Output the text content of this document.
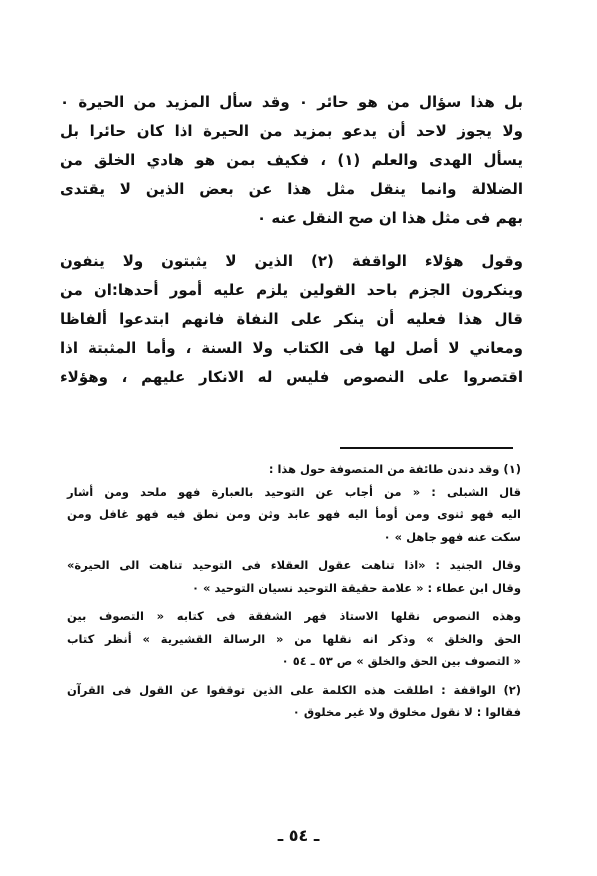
بل هذا سؤال من هو حائر ٠ وقد سأل المزيد من الحيرة ٠
ولا يجوز لاحد أن يدعو بمزيد من الحيرة اذا كان حائرا بل
يسأل الهدى والعلم (١) ، فكيف بمن هو هادي الخلق من
الضلالة وانما ينقل مثل هذا عن بعض الذين لا يقتدى
بهم فى مثل هذا ان صح النقل عنه ٠

وقول هؤلاء الواقفة (٢) الذين لا يثبتون ولا ينفون
وينكرون الجزم باحد القولين يلزم عليه أمور أحدها:ان من
قال هذا فعليه أن ينكر على النفاة فانهم ابتدعوا ألفاظا
ومعاني لا أصل لها فى الكتاب ولا السنة ، وأما المثبتة اذا
اقتصروا على النصوص فليس له الانكار عليهم ، وهؤلاء

(١) وقد دندن طائفة من المتصوفة حول هذا :
قال الشبلى : « من أجاب عن التوحيد بالعبارة فهو ملحد ومن أشار
اليه فهو ثنوى ومن أومأ اليه فهو عابد وثن ومن نطق فيه فهو غافل ومن
سكت عنه فهو جاهل » ٠
وقال الجنيد : «اذا تناهت عقول العقلاء فى التوحيد تناهت الى الحيرة»
وقال ابن عطاء : « علامة حقيقة التوحيد نسيان التوحيد » ٠
وهذه النصوص نقلها الاستاذ فهر الشفقة فى كتابه « التصوف بين
الحق والخلق » وذكر انه نقلها من « الرسالة القشيرية » أنظر كتاب
« التصوف بين الحق والخلق » ص ٥٣ ـ ٥٤ ٠
(٢) الواقفة : اطلقت هذه الكلمة على الذين توقفوا عن القول فى القرآن
فقالوا : لا نقول مخلوق ولا غير مخلوق ٠
ـ ٥٤ ـ
